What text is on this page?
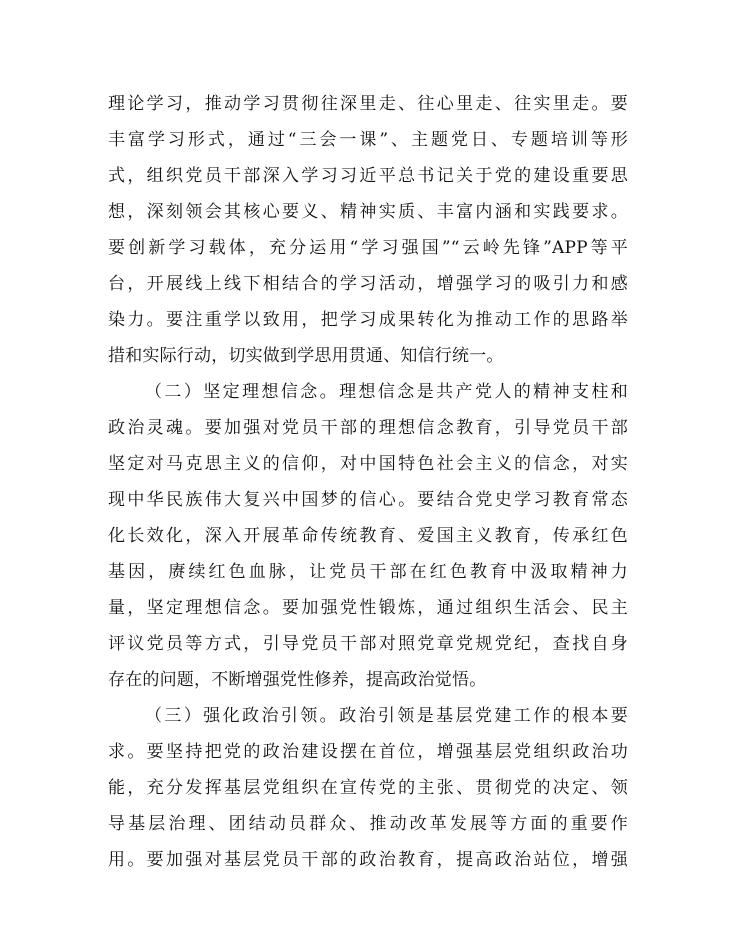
理论学习，推动学习贯彻往深里走、往心里走、往实里走。要
丰富学习形式，通过“三会一课”、主题党日、专题培训等形
式，组织党员干部深入学习习近平总书记关于党的建设重要思
想，深刻领会其核心要义、精神实质、丰富内涵和实践要求。
要创新学习载体，充分运用“学习强国”“云岭先锋”APP等平
台，开展线上线下相结合的学习活动，增强学习的吸引力和感
染力。要注重学以致用，把学习成果转化为推动工作的思路举
措和实际行动，切实做到学思用贯通、知信行统一。
（二）坚定理想信念。理想信念是共产党人的精神支柱和
政治灵魂。要加强对党员干部的理想信念教育，引导党员干部
坚定对马克思主义的信仰，对中国特色社会主义的信念，对实
现中华民族伟大复兴中国梦的信心。要结合党史学习教育常态
化长效化，深入开展革命传统教育、爱国主义教育，传承红色
基因，赓续红色血脉，让党员干部在红色教育中汲取精神力
量，坚定理想信念。要加强党性锻炼，通过组织生活会、民主
评议党员等方式，引导党员干部对照党章党规党纪，查找自身
存在的问题，不断增强党性修养，提高政治觉悟。
（三）强化政治引领。政治引领是基层党建工作的根本要
求。要坚持把党的政治建设摆在首位，增强基层党组织政治功
能，充分发挥基层党组织在宣传党的主张、贯彻党的决定、领
导基层治理、团结动员群众、推动改革发展等方面的重要作
用。要加强对基层党员干部的政治教育，提高政治站位，增强
